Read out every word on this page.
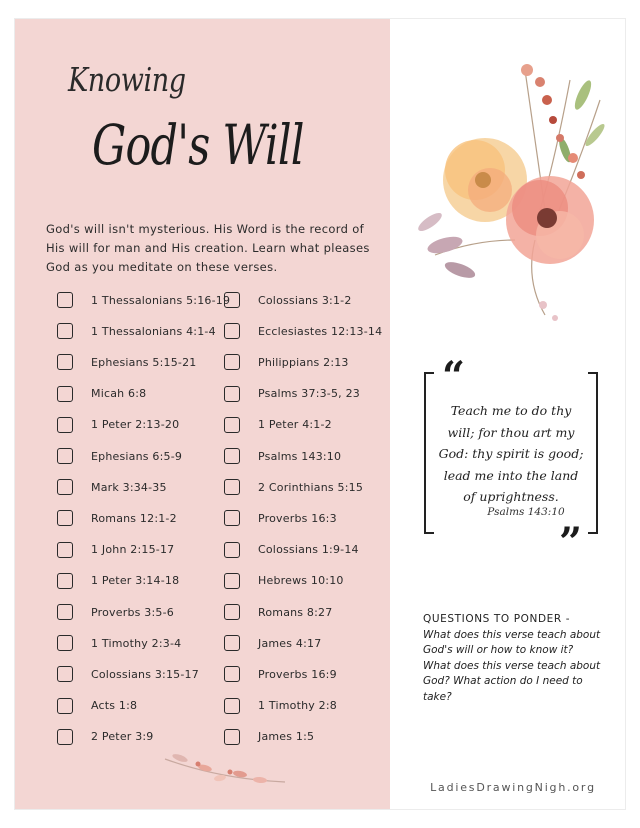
Knowing
God's Will
God's will isn't mysterious. His Word is the record of His will for man and His creation. Learn what pleases God as you meditate on these verses.
1 Thessalonians 5:16-19
1 Thessalonians 4:1-4
Ephesians 5:15-21
Micah 6:8
1 Peter 2:13-20
Ephesians 6:5-9
Mark 3:34-35
Romans 12:1-2
1 John 2:15-17
1 Peter 3:14-18
Proverbs 3:5-6
1 Timothy 2:3-4
Colossians 3:15-17
Acts 1:8
2 Peter 3:9
Colossians 3:1-2
Ecclesiastes 12:13-14
Philippians 2:13
Psalms 37:3-5, 23
1 Peter 4:1-2
Psalms 143:10
2 Corinthians 5:15
Proverbs 16:3
Colossians 1:9-14
Hebrews 10:10
Romans 8:27
James 4:17
Proverbs 16:9
1 Timothy 2:8
James 1:5
“
”
Teach me to do thy will; for thou art my God: thy spirit is good; lead me into the land of uprightness.
Psalms 143:10
QUESTIONS TO PONDER -
What does this verse teach about God's will or how to know it? What does this verse teach about God? What action do I need to take?
LadiesDrawingNigh.org
